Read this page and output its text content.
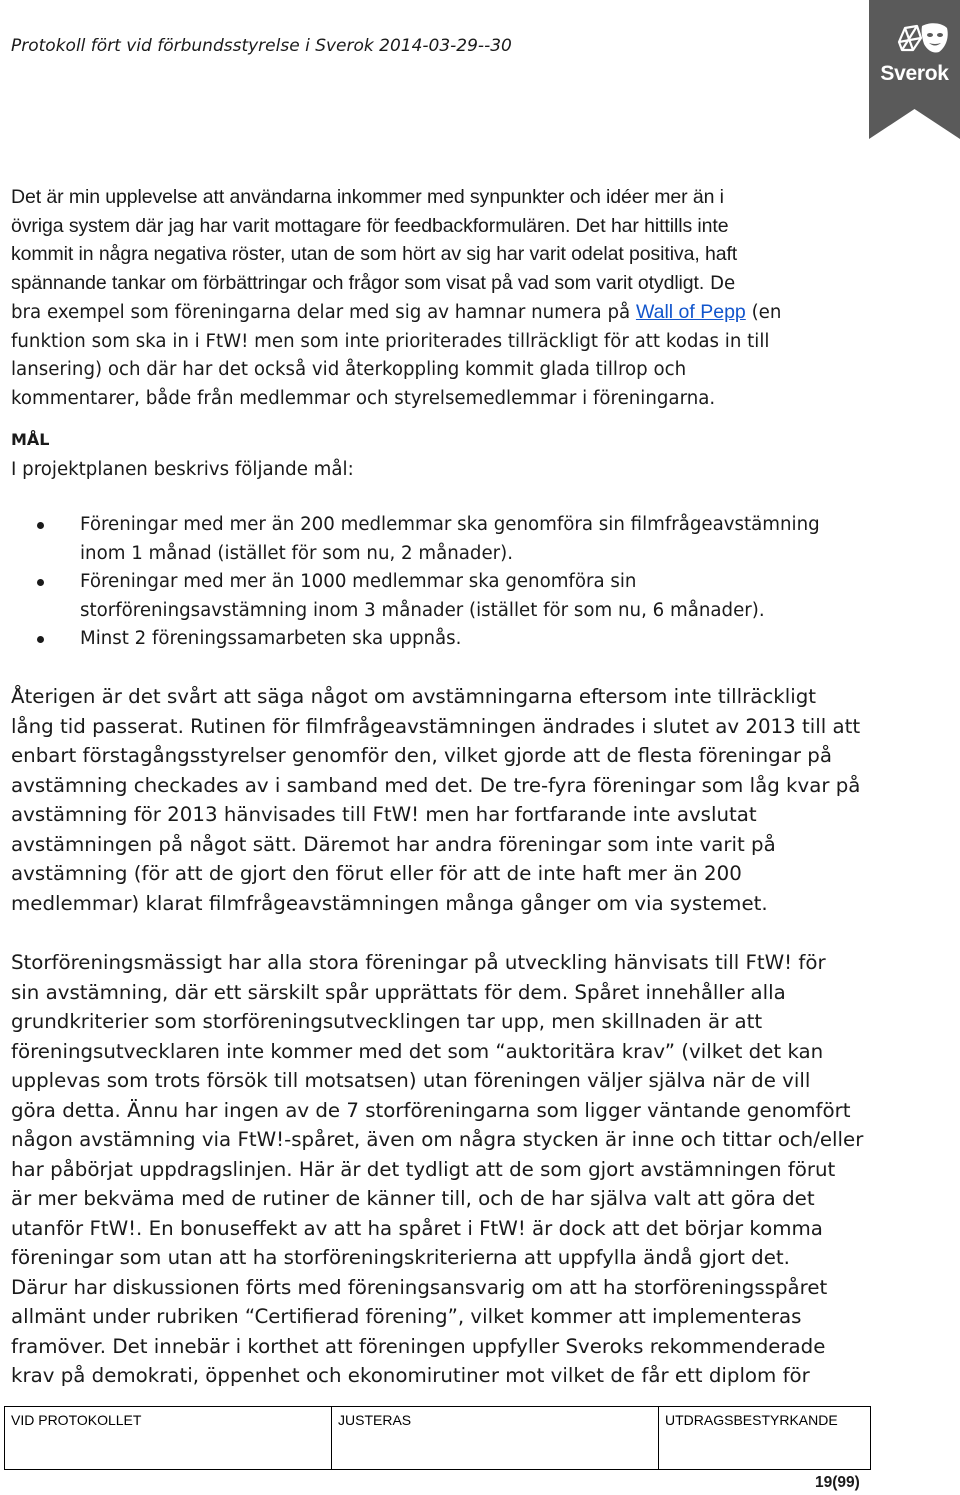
Protokoll fört vid förbundsstyrelse i Sverok 2014-03-29--30
Sverok
Det är min upplevelse att användarna inkommer med synpunkter och idéer mer än i
övriga system där jag har varit mottagare för feedbackformulären. Det har hittills inte
kommit in några negativa röster, utan de som hört av sig har varit odelat positiva, haft
spännande tankar om förbättringar och frågor som visat på vad som varit otydligt. De
bra exempel som föreningarna delar med sig av hamnar numera på Wall of Pepp (en
funktion som ska in i FtW! men som inte prioriterades tillräckligt för att kodas in till
lansering) och där har det också vid återkoppling kommit glada tillrop och
kommentarer, både från medlemmar och styrelsemedlemmar i föreningarna.
MÅL
I projektplanen beskrivs följande mål:
Föreningar med mer än 200 medlemmar ska genomföra sin filmfrågeavstämning
inom 1 månad (istället för som nu, 2 månader).
Föreningar med mer än 1000 medlemmar ska genomföra sin
storföreningsavstämning inom 3 månader (istället för som nu, 6 månader).
Minst 2 föreningssamarbeten ska uppnås.
Återigen är det svårt att säga något om avstämningarna eftersom inte tillräckligt
lång tid passerat. Rutinen för filmfrågeavstämningen ändrades i slutet av 2013 till att
enbart förstagångsstyrelser genomför den, vilket gjorde att de flesta föreningar på
avstämning checkades av i samband med det. De tre-fyra föreningar som låg kvar på
avstämning för 2013 hänvisades till FtW! men har fortfarande inte avslutat
avstämningen på något sätt. Däremot har andra föreningar som inte varit på
avstämning (för att de gjort den förut eller för att de inte haft mer än 200
medlemmar) klarat filmfrågeavstämningen många gånger om via systemet.
Storföreningsmässigt har alla stora föreningar på utveckling hänvisats till FtW! för
sin avstämning, där ett särskilt spår upprättats för dem. Spåret innehåller alla
grundkriterier som storföreningsutvecklingen tar upp, men skillnaden är att
föreningsutvecklaren inte kommer med det som “auktoritära krav” (vilket det kan
upplevas som trots försök till motsatsen) utan föreningen väljer själva när de vill
göra detta. Ännu har ingen av de 7 storföreningarna som ligger väntande genomfört
någon avstämning via FtW!-spåret, även om några stycken är inne och tittar och/eller
har påbörjat uppdragslinjen. Här är det tydligt att de som gjort avstämningen förut
är mer bekväma med de rutiner de känner till, och de har själva valt att göra det
utanför FtW!. En bonuseffekt av att ha spåret i FtW! är dock att det börjar komma
föreningar som utan att ha storföreningskriterierna att uppfylla ändå gjort det.
Därur har diskussionen förts med föreningsansvarig om att ha storföreningsspåret
allmänt under rubriken “Certifierad förening”, vilket kommer att implementeras
framöver. Det innebär i korthet att föreningen uppfyller Sveroks rekommenderade
krav på demokrati, öppenhet och ekonomirutiner mot vilket de får ett diplom för
VID PROTOKOLLET	JUSTERAS	UTDRAGSBESTYRKANDE
19(99)
